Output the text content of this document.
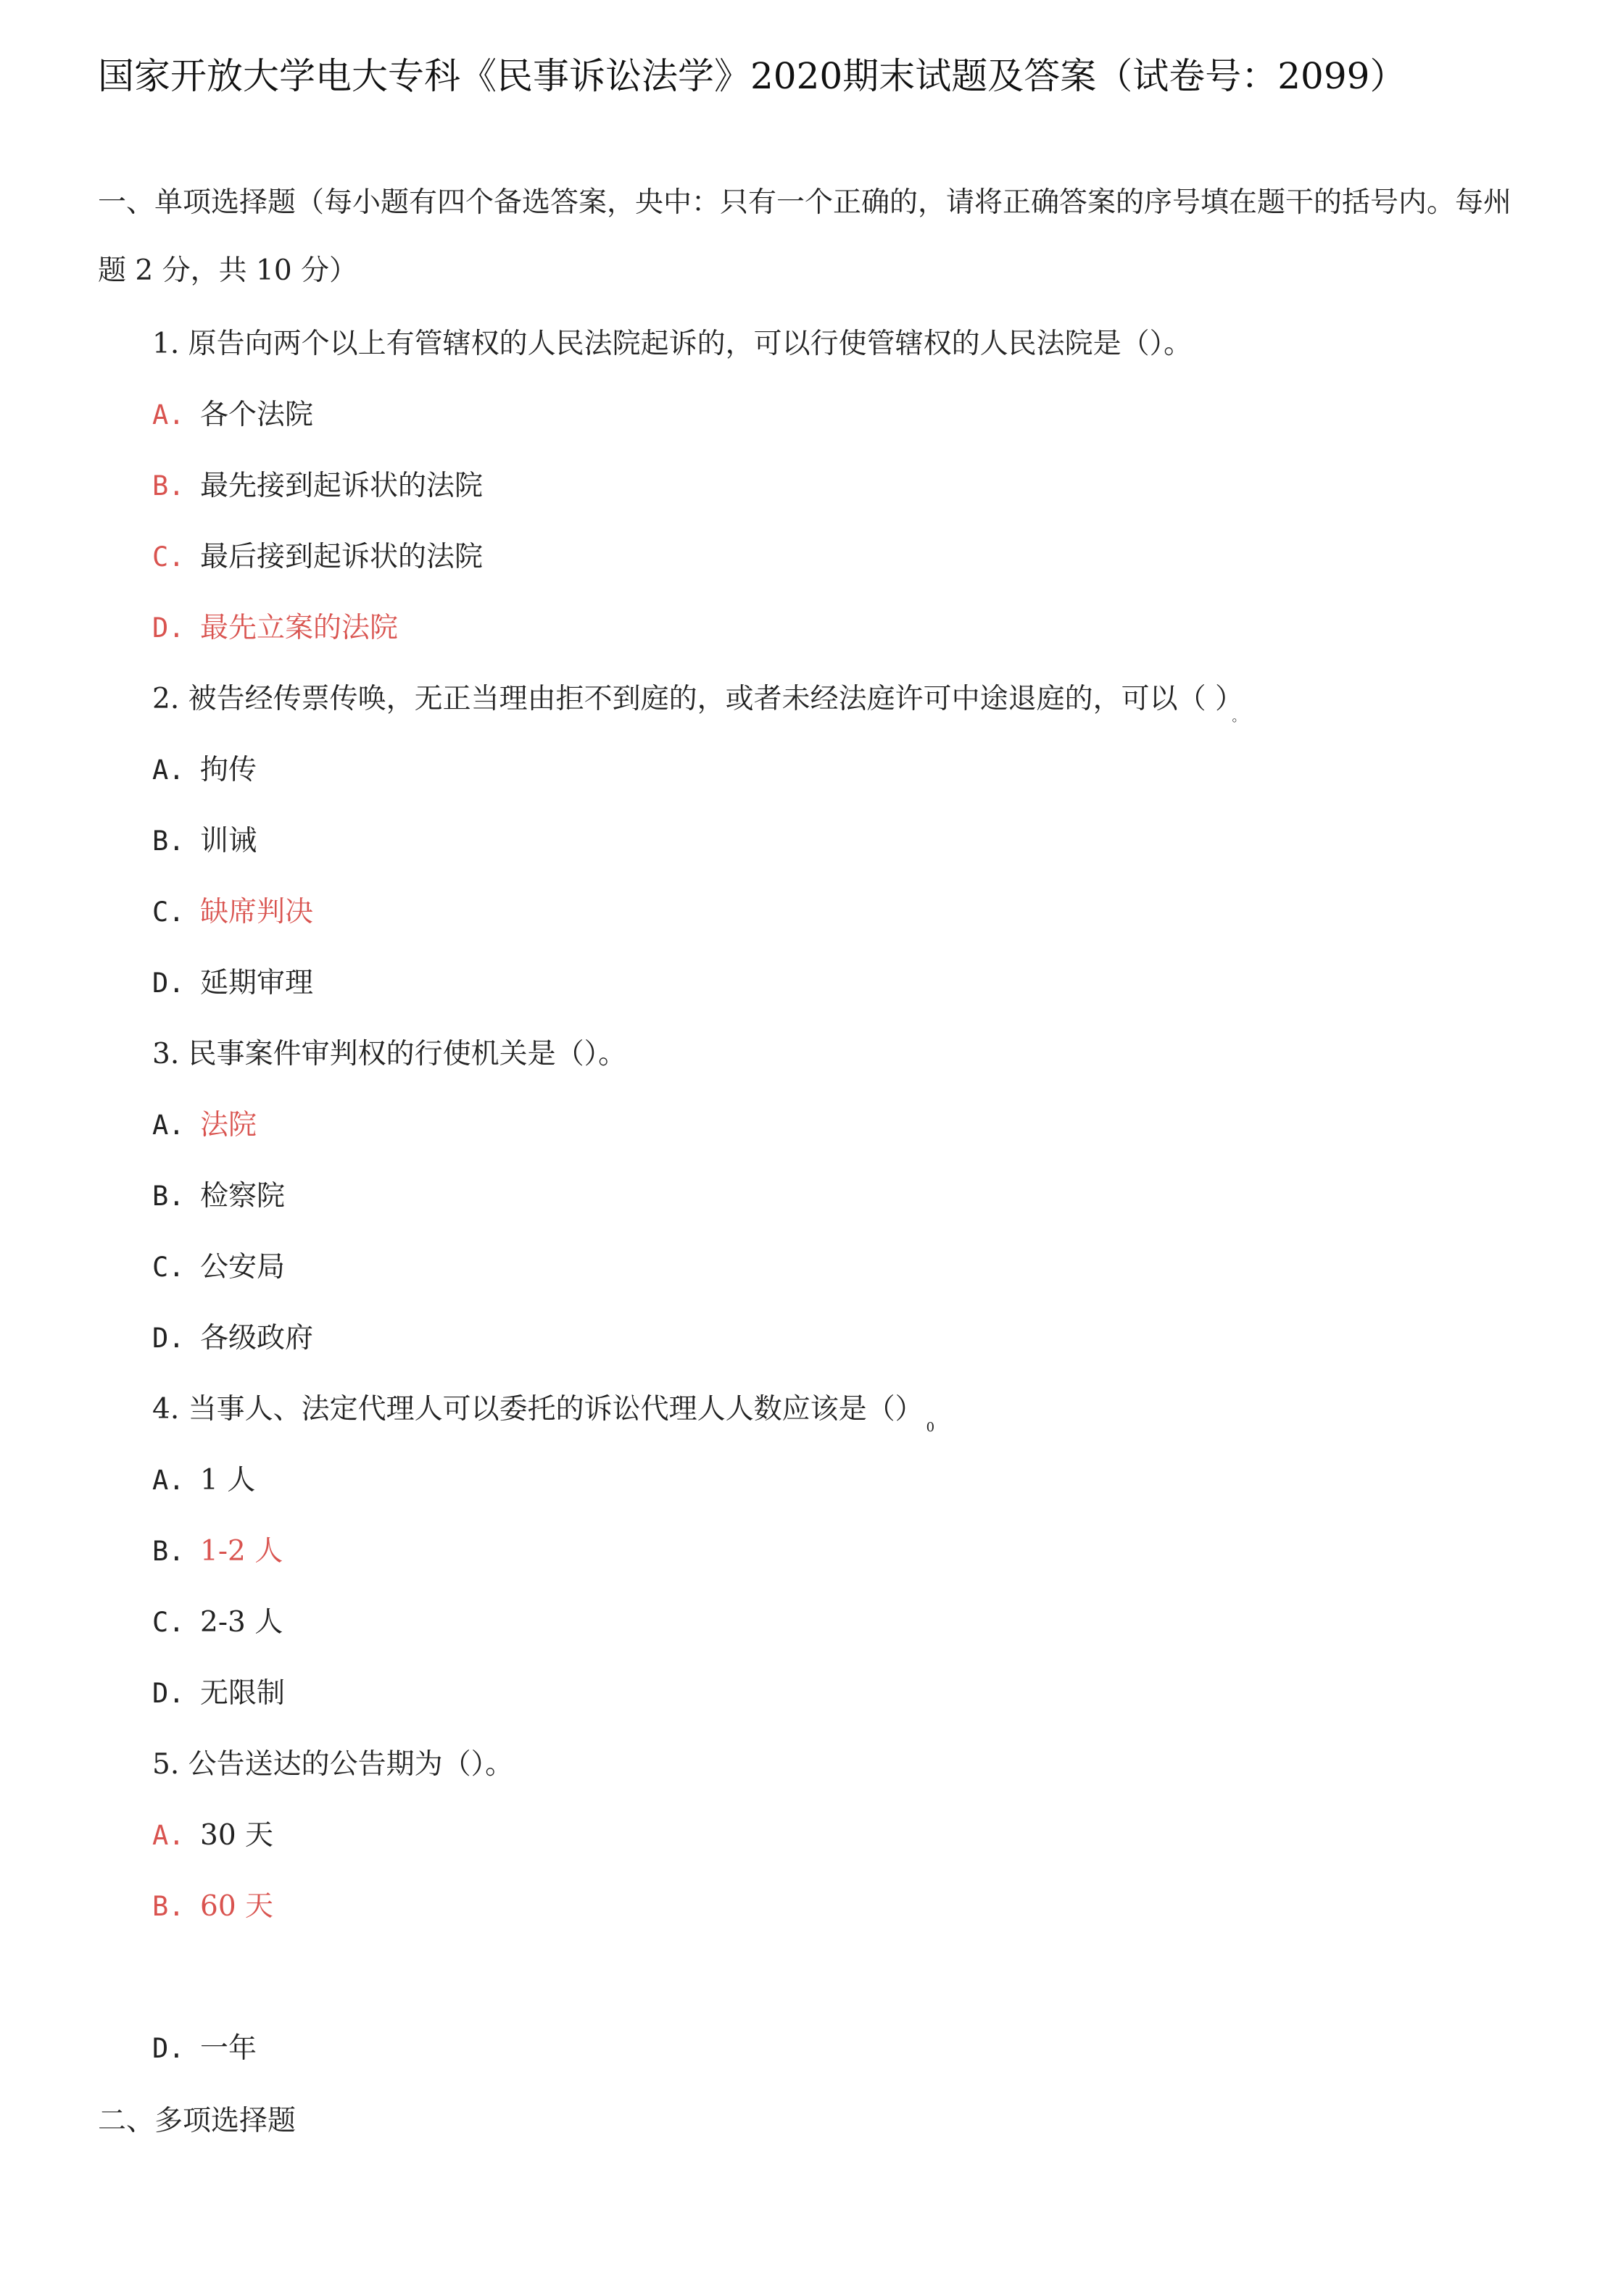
国家开放大学电大专科《民事诉讼法学》2020期末试题及答案（试卷号：2099）
一、单项选择题（每小题有四个备选答案，央中：只有一个正确的，请将正确答案的序号填在题干的括号内。每州题 2 分，共 10 分）
1. 原告向两个以上有管辖权的人民法院起诉的，可以行使管辖权的人民法院是（）。
A. 各个法院
B. 最先接到起诉状的法院
C. 最后接到起诉状的法院
D. 最先立案的法院
2. 被告经传票传唤，无正当理由拒不到庭的，或者未经法庭许可中途退庭的，可以（ ）$_。$
A. 拘传
B. 训诫
C. 缺席判决
D. 延期审理
3. 民事案件审判权的行使机关是（）。
A. 法院
B. 检察院
C. 公安局
D. 各级政府
4. 当事人、法定代理人可以委托的诉讼代理人人数应该是$()_0$
A. 1 人
B. 1-2 人
C. 2-3 人
D. 无限制
5. 公告送达的公告期为（）。
A. 30 天
B. 60 天
D. 一年
二、多项选择题
